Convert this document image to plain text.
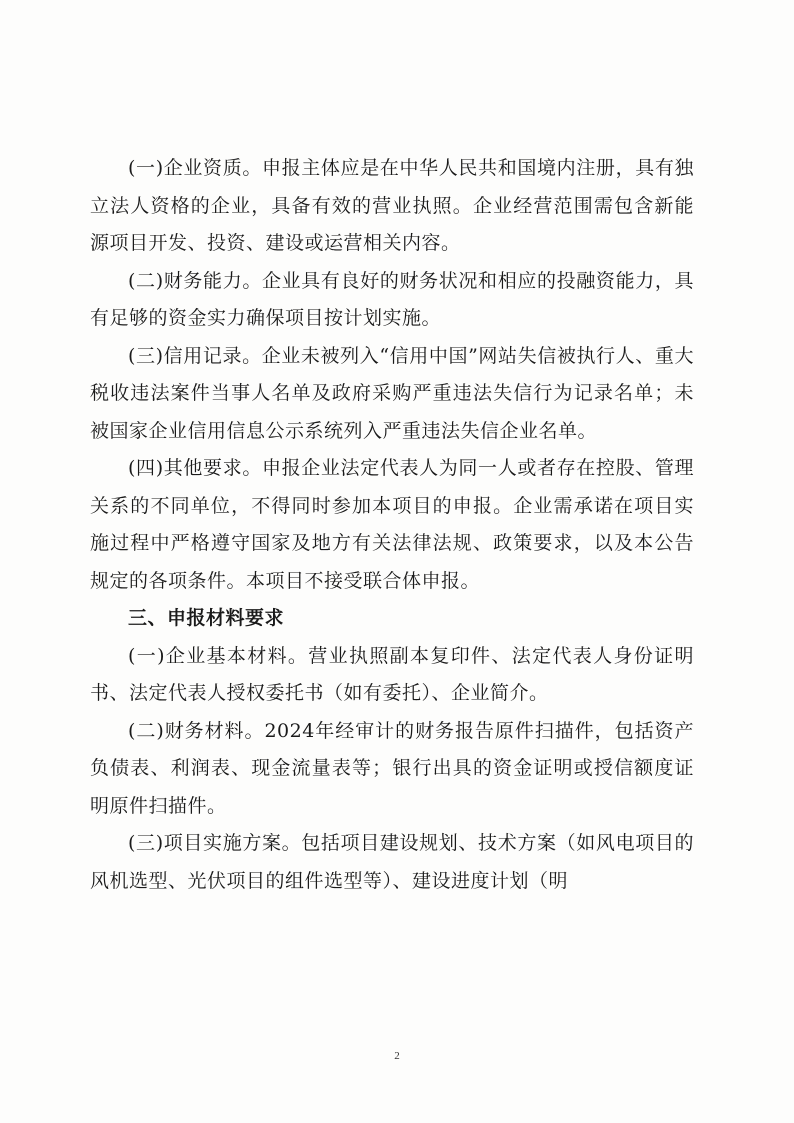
(一)企业资质。申报主体应是在中华人民共和国境内注册，具有独立法人资格的企业，具备有效的营业执照。企业经营范围需包含新能源项目开发、投资、建设或运营相关内容。

(二)财务能力。企业具有良好的财务状况和相应的投融资能力，具有足够的资金实力确保项目按计划实施。

(三)信用记录。企业未被列入“信用中国”网站失信被执行人、重大税收违法案件当事人名单及政府采购严重违法失信行为记录名单；未被国家企业信用信息公示系统列入严重违法失信企业名单。

(四)其他要求。申报企业法定代表人为同一人或者存在控股、管理关系的不同单位，不得同时参加本项目的申报。企业需承诺在项目实施过程中严格遵守国家及地方有关法律法规、政策要求，以及本公告规定的各项条件。本项目不接受联合体申报。

三、申报材料要求

(一)企业基本材料。营业执照副本复印件、法定代表人身份证明书、法定代表人授权委托书（如有委托）、企业简介。

(二)财务材料。2024年经审计的财务报告原件扫描件，包括资产负债表、利润表、现金流量表等；银行出具的资金证明或授信额度证明原件扫描件。

(三)项目实施方案。包括项目建设规划、技术方案（如风电项目的风机选型、光伏项目的组件选型等）、建设进度计划（明

2
